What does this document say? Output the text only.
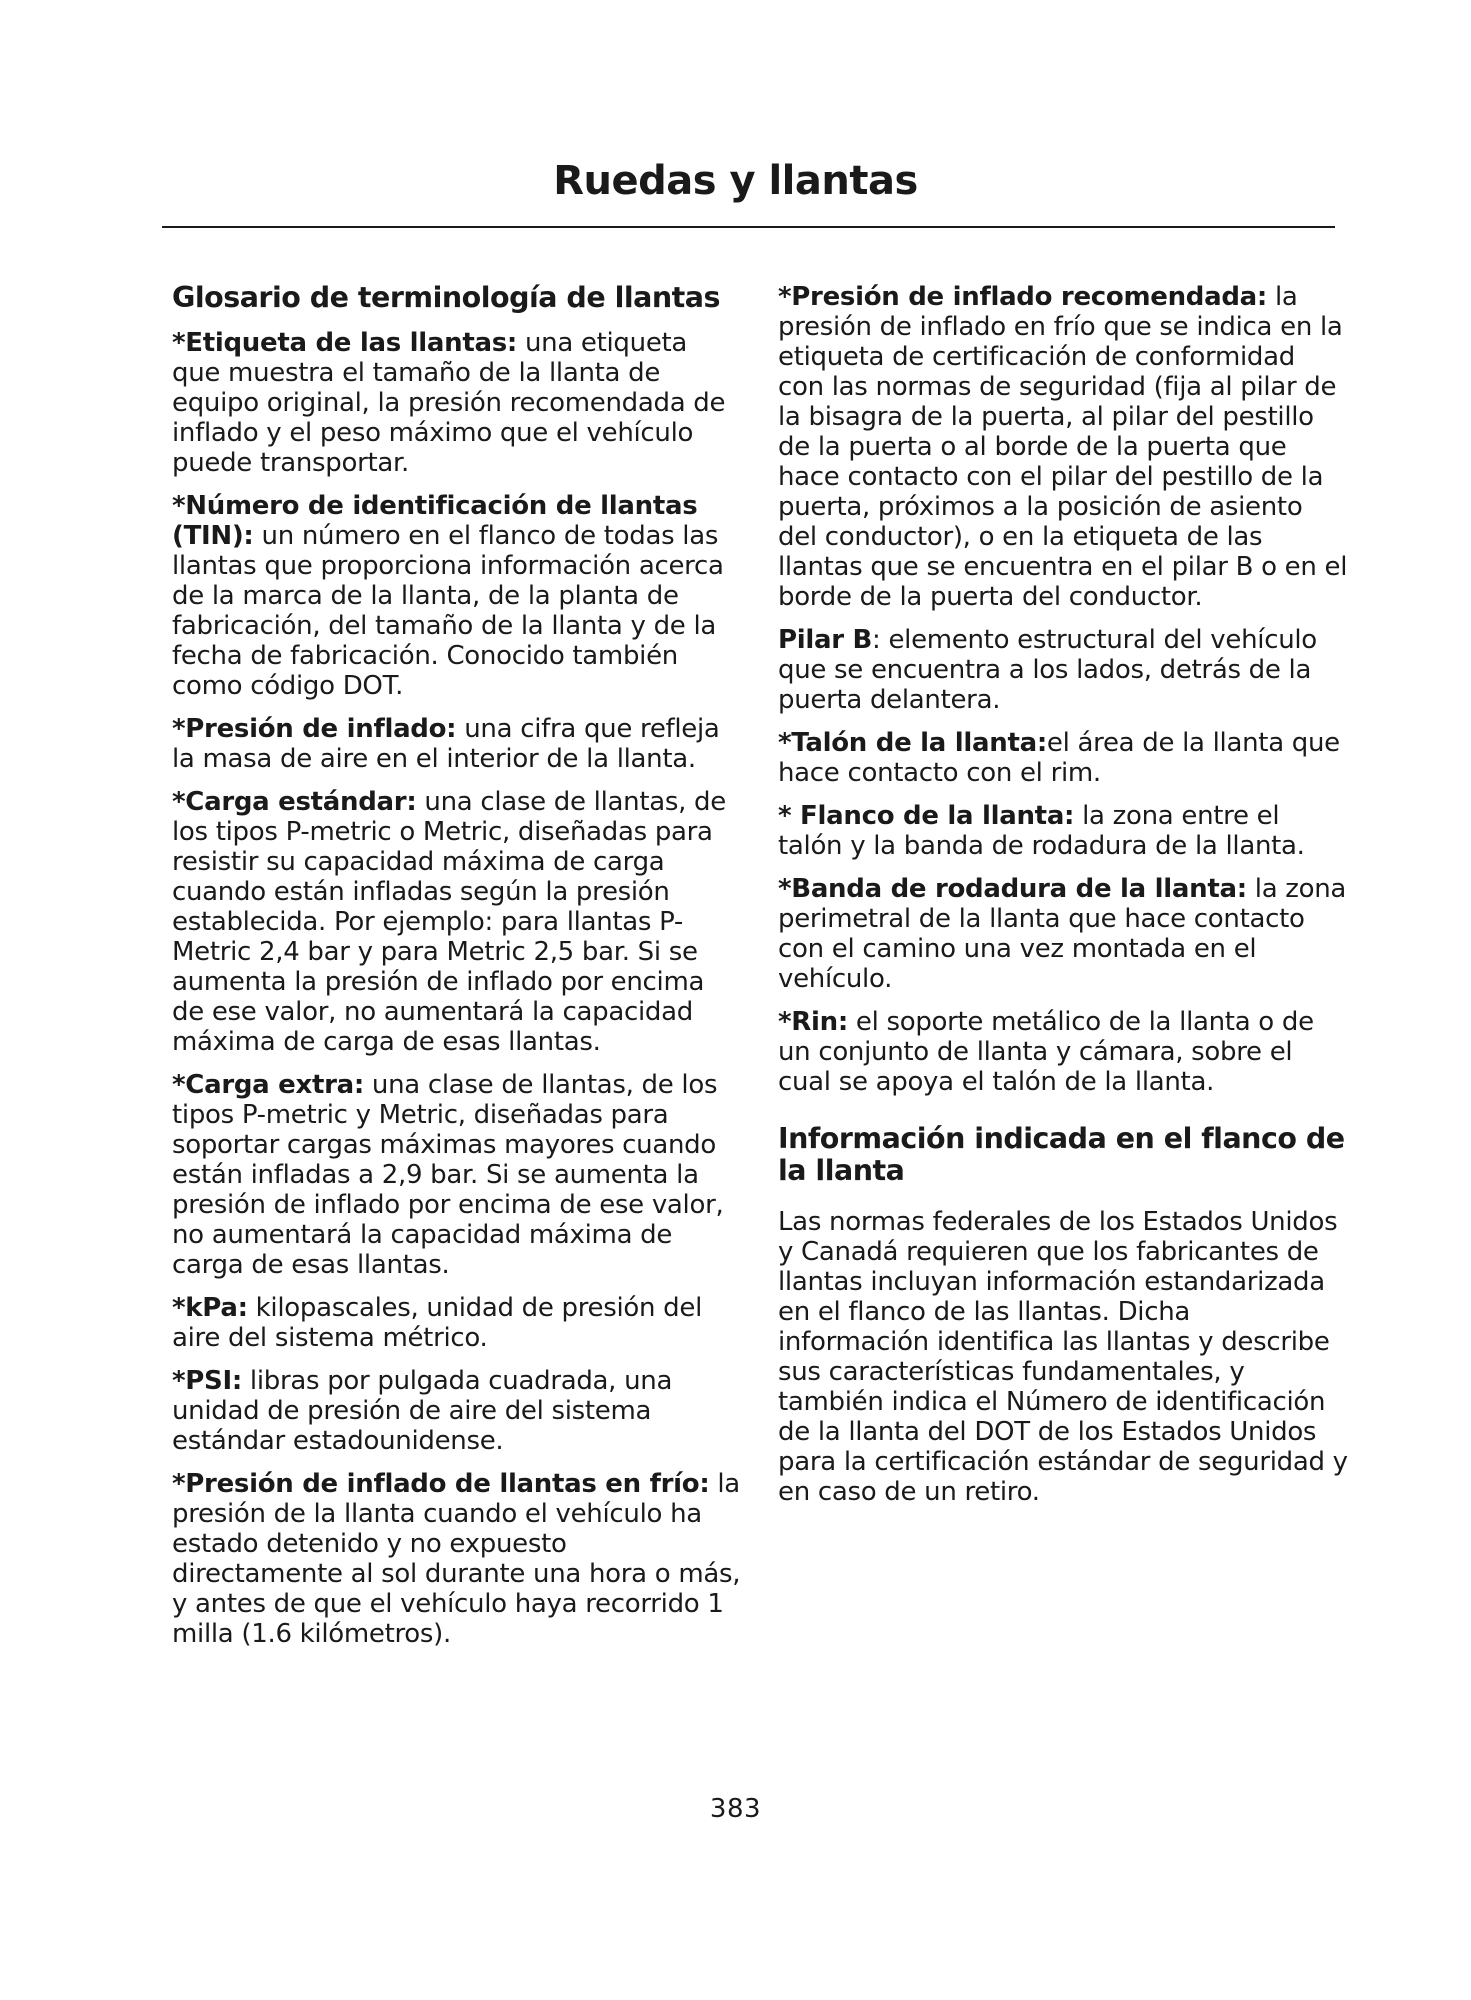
Ruedas y llantas
Glosario de terminología de llantas

*Etiqueta de las llantas: una etiqueta que muestra el tamaño de la llanta de equipo original, la presión recomendada de inflado y el peso máximo que el vehículo puede transportar.

*Número de identificación de llantas (TIN): un número en el flanco de todas las llantas que proporciona información acerca de la marca de la llanta, de la planta de fabricación, del tamaño de la llanta y de la fecha de fabricación. Conocido también como código DOT.

*Presión de inflado: una cifra que refleja la masa de aire en el interior de la llanta.

*Carga estándar: una clase de llantas, de los tipos P-metric o Metric, diseñadas para resistir su capacidad máxima de carga cuando están infladas según la presión establecida. Por ejemplo: para llantas P-Metric 2,4 bar y para Metric 2,5 bar. Si se aumenta la presión de inflado por encima de ese valor, no aumentará la capacidad máxima de carga de esas llantas.

*Carga extra: una clase de llantas, de los tipos P-metric y Metric, diseñadas para soportar cargas máximas mayores cuando están infladas a 2,9 bar. Si se aumenta la presión de inflado por encima de ese valor, no aumentará la capacidad máxima de carga de esas llantas.

*kPa: kilopascales, unidad de presión del aire del sistema métrico.

*PSI: libras por pulgada cuadrada, una unidad de presión de aire del sistema estándar estadounidense.

*Presión de inflado de llantas en frío: la presión de la llanta cuando el vehículo ha estado detenido y no expuesto directamente al sol durante una hora o más, y antes de que el vehículo haya recorrido 1 milla (1.6 kilómetros).

*Presión de inflado recomendada: la presión de inflado en frío que se indica en la etiqueta de certificación de conformidad con las normas de seguridad (fija al pilar de la bisagra de la puerta, al pilar del pestillo de la puerta o al borde de la puerta que hace contacto con el pilar del pestillo de la puerta, próximos a la posición de asiento del conductor), o en la etiqueta de las llantas que se encuentra en el pilar B o en el borde de la puerta del conductor.

Pilar B: elemento estructural del vehículo que se encuentra a los lados, detrás de la puerta delantera.

*Talón de la llanta:el área de la llanta que hace contacto con el rim.

* Flanco de la llanta: la zona entre el talón y la banda de rodadura de la llanta.

*Banda de rodadura de la llanta: la zona perimetral de la llanta que hace contacto con el camino una vez montada en el vehículo.

*Rin: el soporte metálico de la llanta o de un conjunto de llanta y cámara, sobre el cual se apoya el talón de la llanta.

Información indicada en el flanco de la llanta

Las normas federales de los Estados Unidos y Canadá requieren que los fabricantes de llantas incluyan información estandarizada en el flanco de las llantas. Dicha información identifica las llantas y describe sus características fundamentales, y también indica el Número de identificación de la llanta del DOT de los Estados Unidos para la certificación estándar de seguridad y en caso de un retiro.

383
